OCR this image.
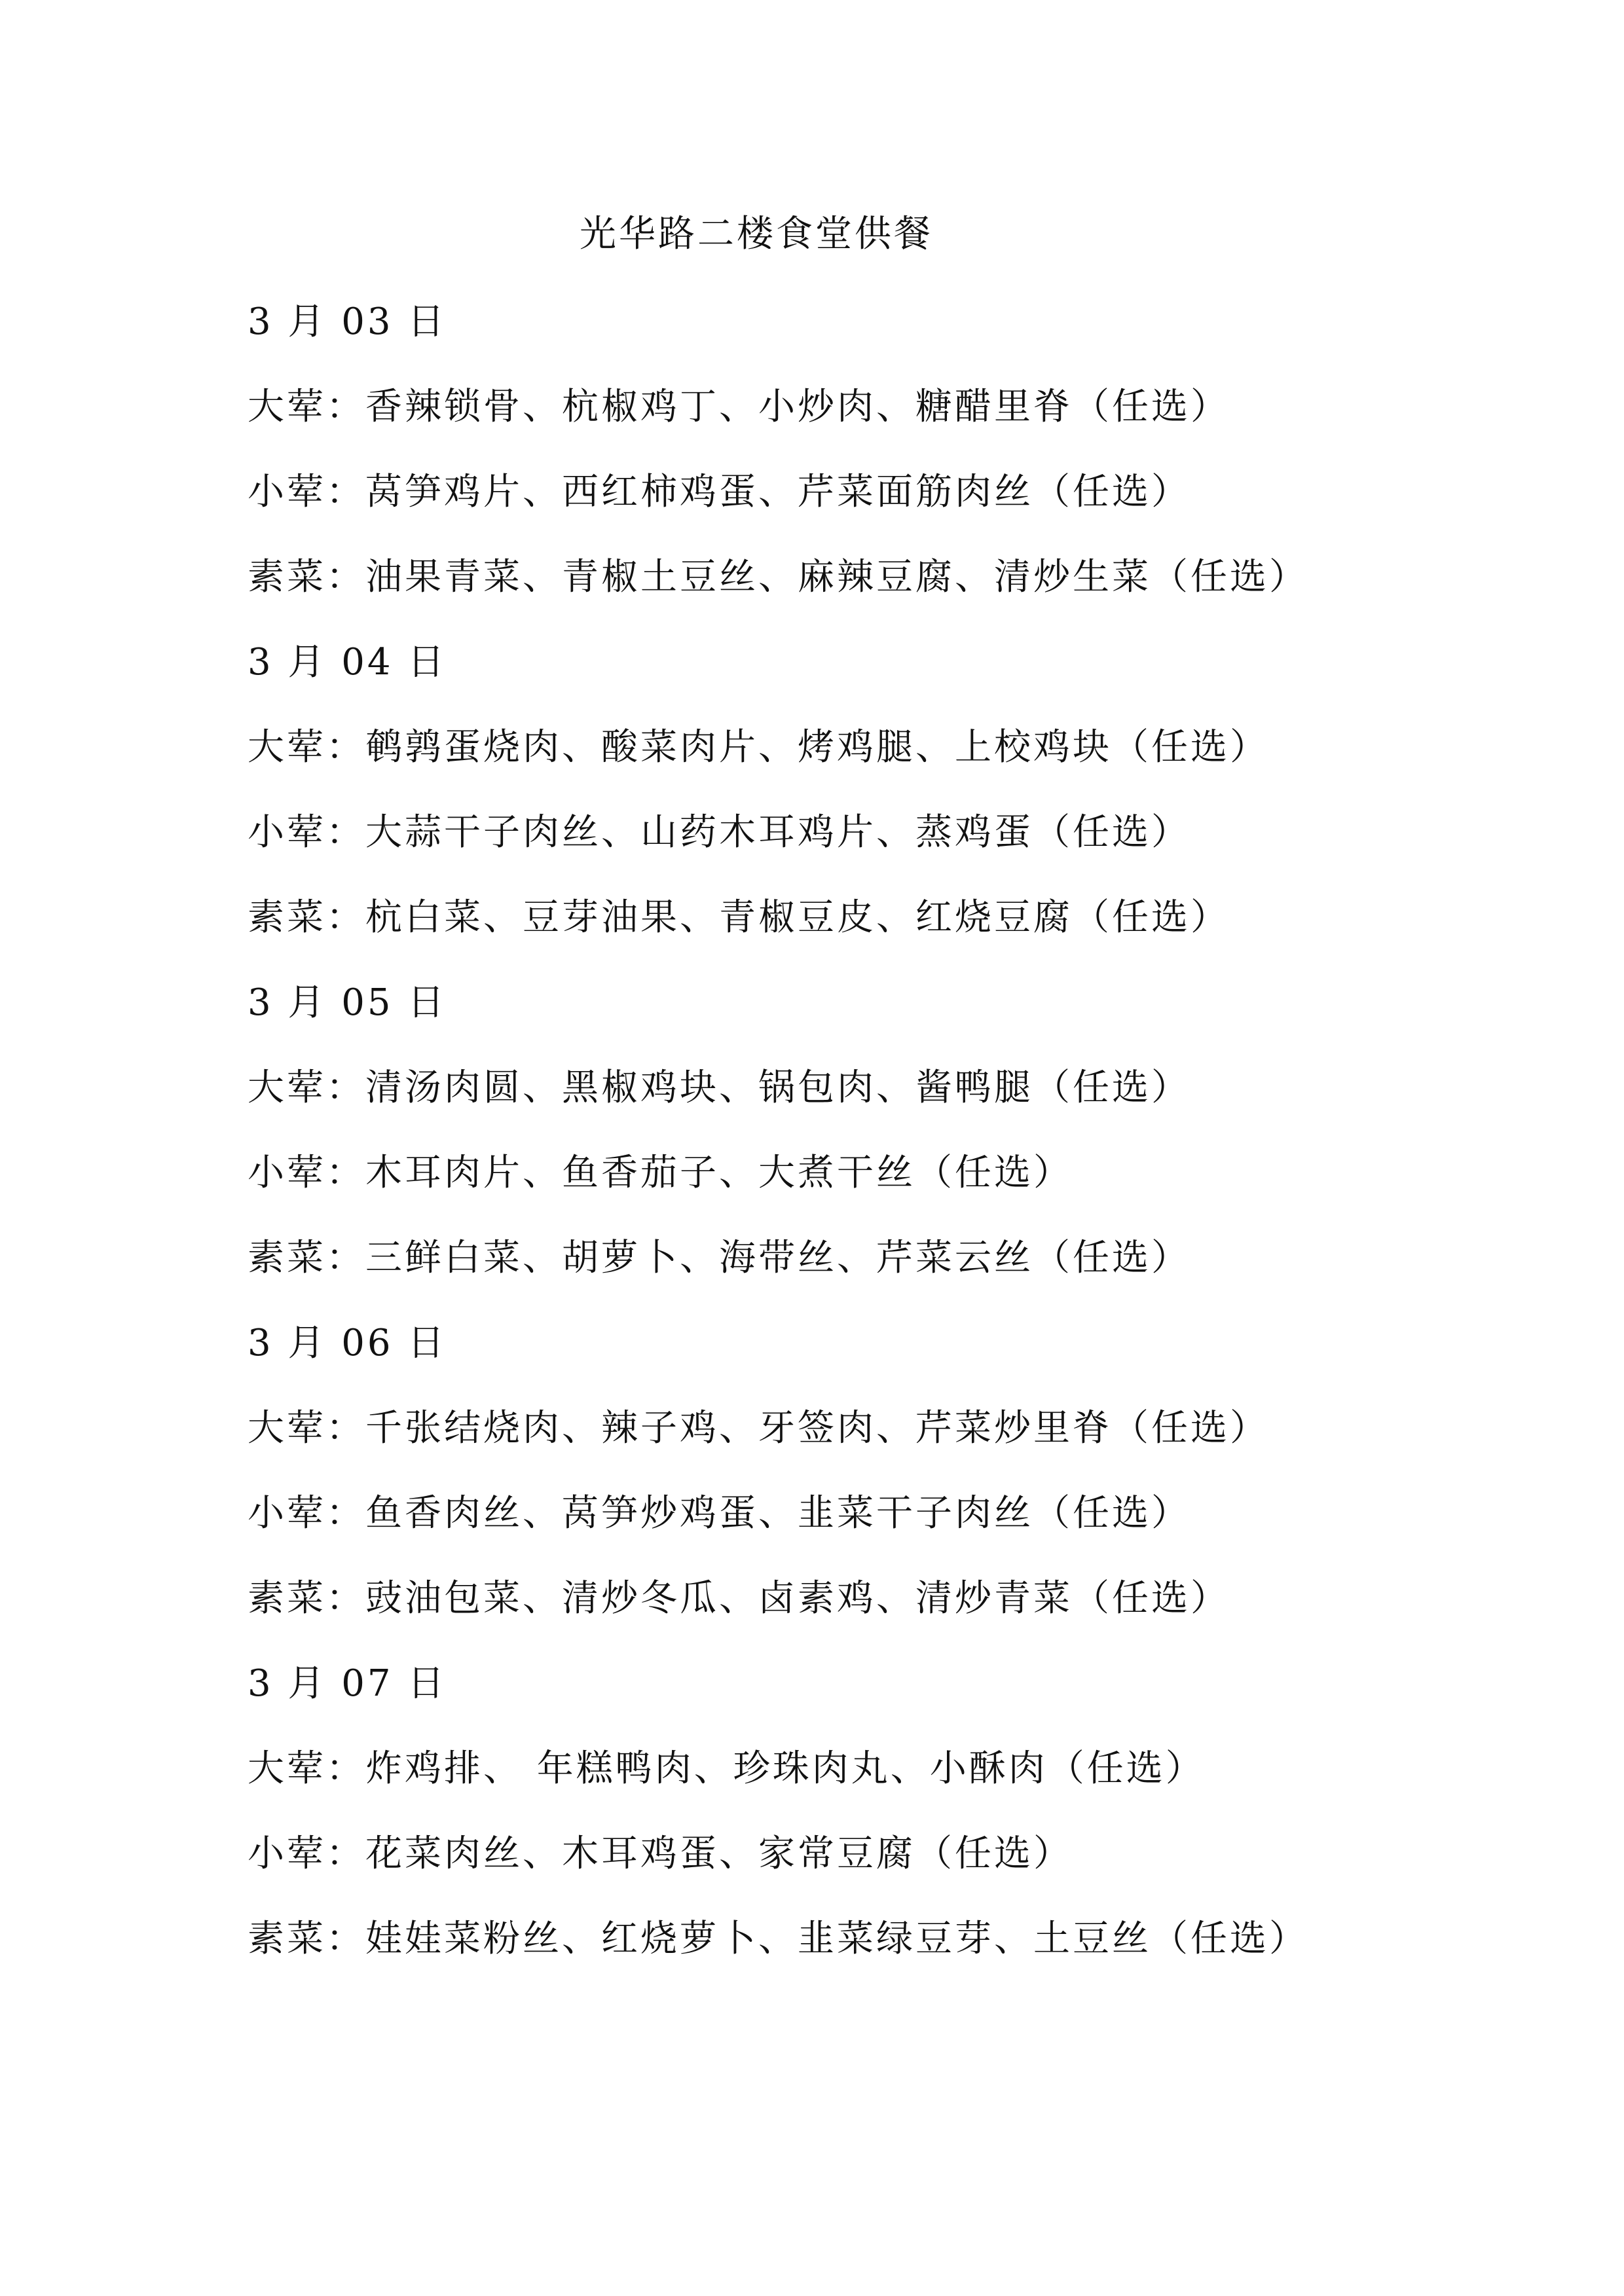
光华路二楼食堂供餐
3 月 03 日
大荤：香辣锁骨、杭椒鸡丁、小炒肉、糖醋里脊（任选）
小荤：莴笋鸡片、西红柿鸡蛋、芹菜面筋肉丝（任选）
素菜：油果青菜、青椒土豆丝、麻辣豆腐、清炒生菜（任选）
3 月 04 日
大荤：鹌鹑蛋烧肉、酸菜肉片、烤鸡腿、上校鸡块（任选）
小荤：大蒜干子肉丝、山药木耳鸡片、蒸鸡蛋（任选）
素菜：杭白菜、豆芽油果、青椒豆皮、红烧豆腐（任选）
3 月 05 日
大荤：清汤肉圆、黑椒鸡块、锅包肉、酱鸭腿（任选）
小荤：木耳肉片、鱼香茄子、大煮干丝（任选）
素菜：三鲜白菜、胡萝卜、海带丝、芹菜云丝（任选）
3 月 06 日
大荤：千张结烧肉、辣子鸡、牙签肉、芹菜炒里脊（任选）
小荤：鱼香肉丝、莴笋炒鸡蛋、韭菜干子肉丝（任选）
素菜：豉油包菜、清炒冬瓜、卤素鸡、清炒青菜（任选）
3 月 07 日
大荤：炸鸡排、 年糕鸭肉、珍珠肉丸、小酥肉（任选）
小荤：花菜肉丝、木耳鸡蛋、家常豆腐（任选）
素菜：娃娃菜粉丝、红烧萝卜、韭菜绿豆芽、土豆丝（任选）
